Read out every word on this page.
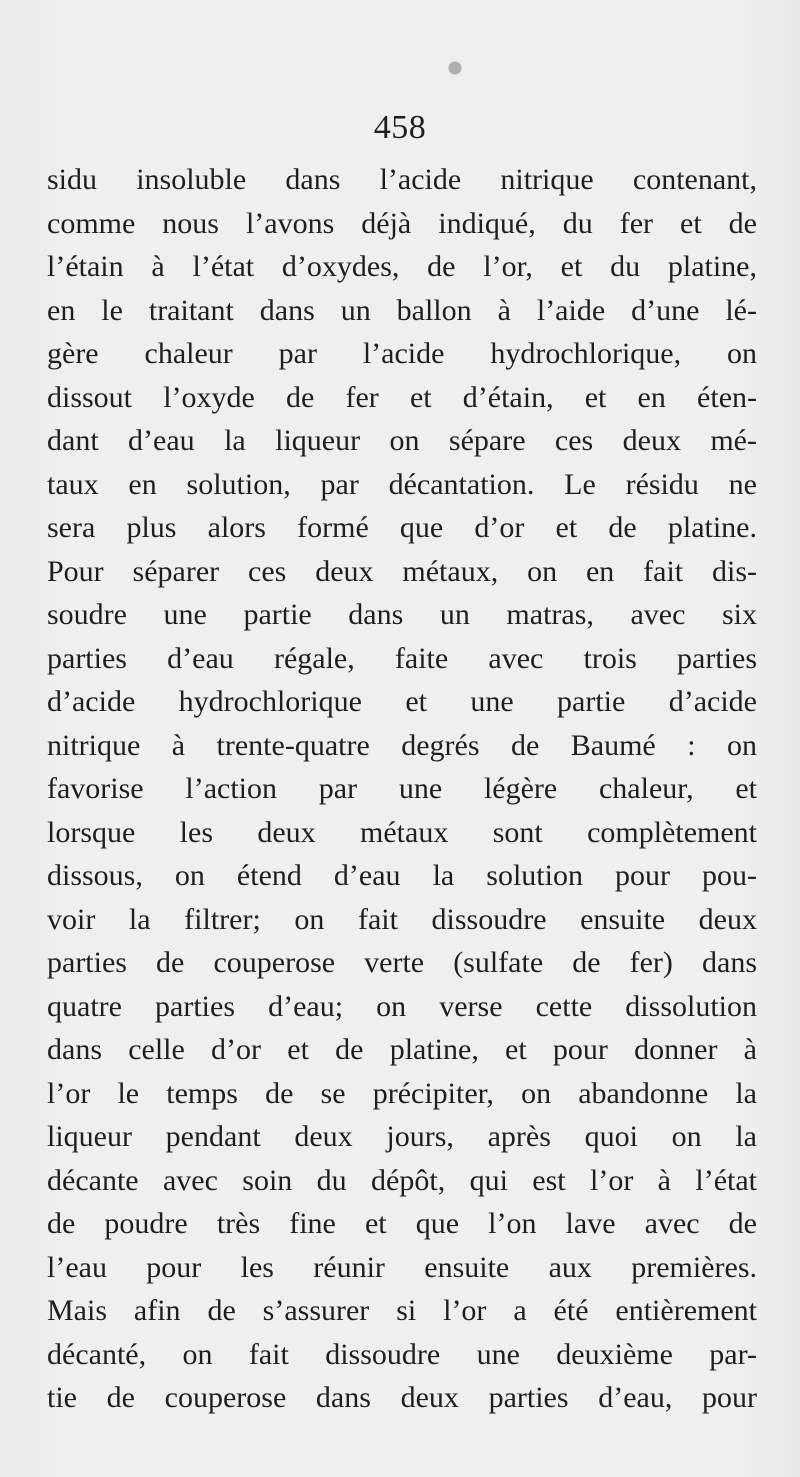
458
sidu insoluble dans l’acide nitrique contenant,
comme nous l’avons déjà indiqué, du fer et de
l’étain à l’état d’oxydes, de l’or, et du platine,
en le traitant dans un ballon à l’aide d’une lé-
gère chaleur par l’acide hydrochlorique, on
dissout l’oxyde de fer et d’étain, et en éten-
dant d’eau la liqueur on sépare ces deux mé-
taux en solution, par décantation. Le résidu ne
sera plus alors formé que d’or et de platine.
Pour séparer ces deux métaux, on en fait dis-
soudre une partie dans un matras, avec six
parties d’eau régale, faite avec trois parties
d’acide hydrochlorique et une partie d’acide
nitrique à trente-quatre degrés de Baumé : on
favorise l’action par une légère chaleur, et
lorsque les deux métaux sont complètement
dissous, on étend d’eau la solution pour pou-
voir la filtrer; on fait dissoudre ensuite deux
parties de couperose verte (sulfate de fer) dans
quatre parties d’eau; on verse cette dissolution
dans celle d’or et de platine, et pour donner à
l’or le temps de se précipiter, on abandonne la
liqueur pendant deux jours, après quoi on la
décante avec soin du dépôt, qui est l’or à l’état
de poudre très fine et que l’on lave avec de
l’eau pour les réunir ensuite aux premières.
Mais afin de s’assurer si l’or a été entièrement
décanté, on fait dissoudre une deuxième par-
tie de couperose dans deux parties d’eau, pour
